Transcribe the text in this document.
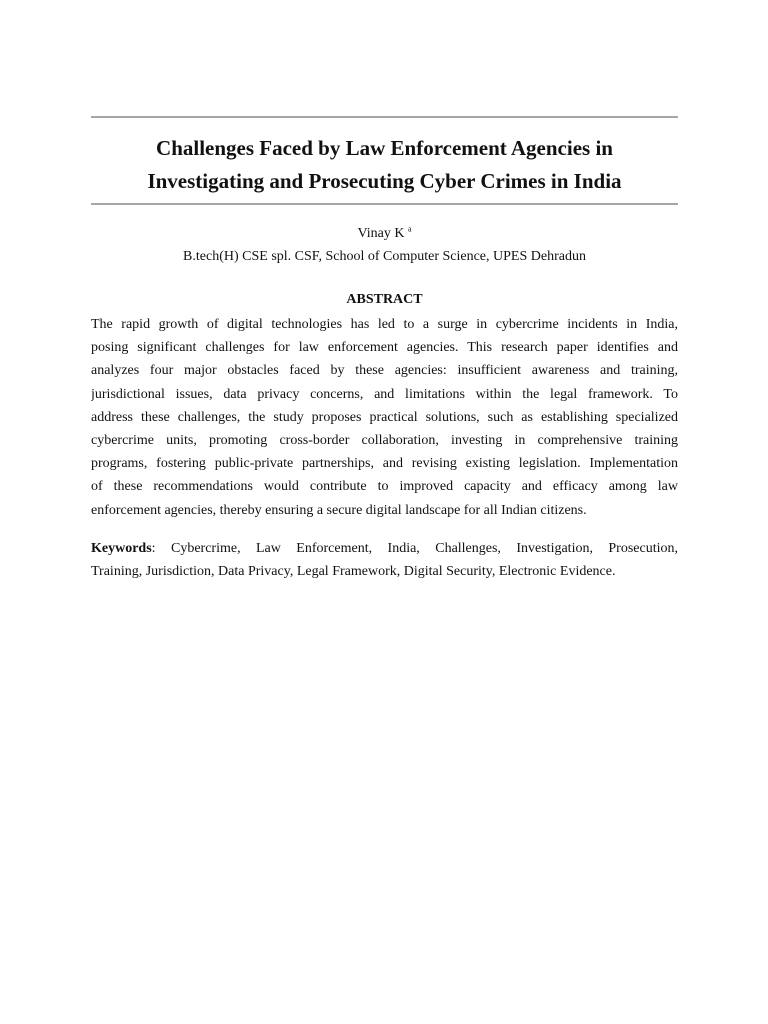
Challenges Faced by Law Enforcement Agencies in
Investigating and Prosecuting Cyber Crimes in India

Vinay K $^a$

B.tech(H) CSE spl. CSF, School of Computer Science, UPES Dehradun

ABSTRACT

The rapid growth of digital technologies has led to a surge in cybercrime incidents in India,
posing significant challenges for law enforcement agencies. This research paper identifies and
analyzes four major obstacles faced by these agencies: insufficient awareness and training,
jurisdictional issues, data privacy concerns, and limitations within the legal framework. To
address these challenges, the study proposes practical solutions, such as establishing specialized
cybercrime units, promoting cross-border collaboration, investing in comprehensive training
programs, fostering public-private partnerships, and revising existing legislation. Implementation
of these recommendations would contribute to improved capacity and efficacy among law
enforcement agencies, thereby ensuring a secure digital landscape for all Indian citizens.

Keywords: Cybercrime, Law Enforcement, India, Challenges, Investigation, Prosecution,
Training, Jurisdiction, Data Privacy, Legal Framework, Digital Security, Electronic Evidence.
